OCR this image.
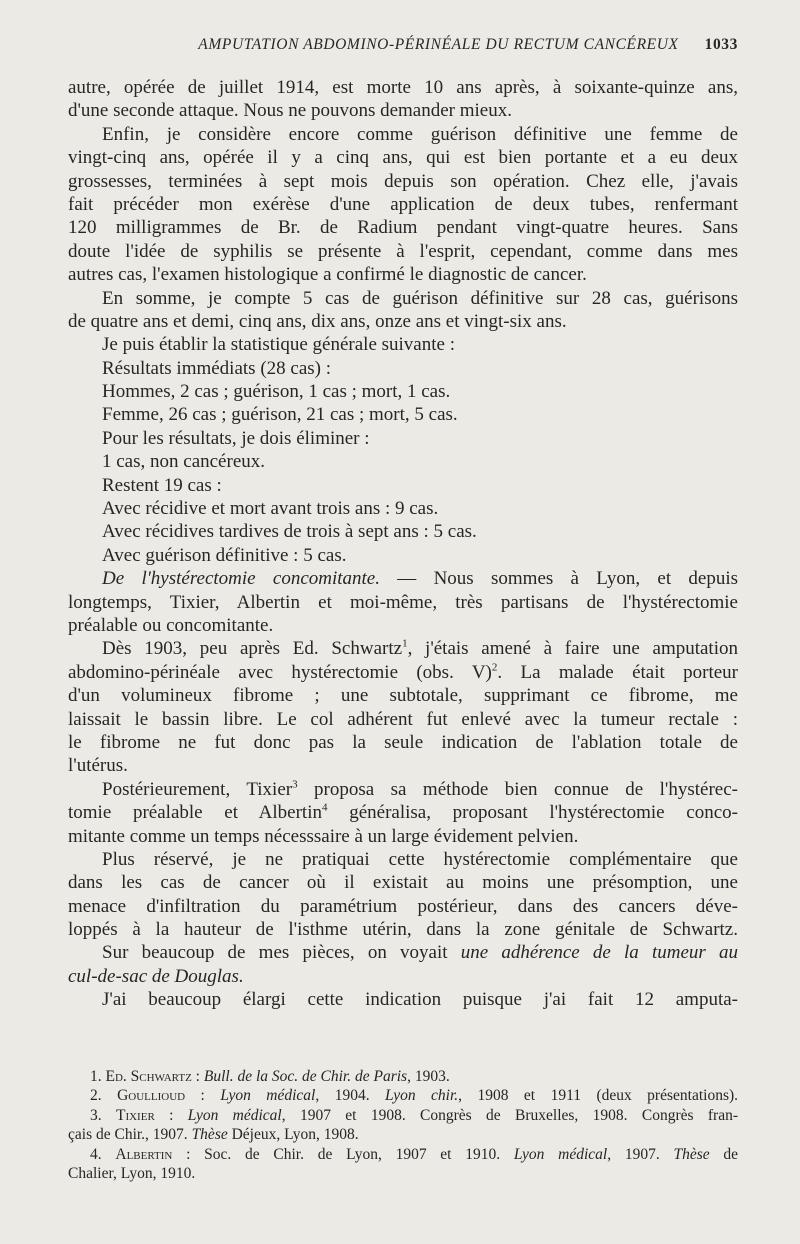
AMPUTATION ABDOMINO-PÉRINÉALE DU RECTUM CANCÉREUX 1033
autre, opérée de juillet 1914, est morte 10 ans après, à soixante-quinze ans,
d'une seconde attaque. Nous ne pouvons demander mieux.
Enfin, je considère encore comme guérison définitive une femme de
vingt-cinq ans, opérée il y a cinq ans, qui est bien portante et a eu deux
grossesses, terminées à sept mois depuis son opération. Chez elle, j'avais
fait précéder mon exérèse d'une application de deux tubes, renfermant
120 milligrammes de Br. de Radium pendant vingt-quatre heures. Sans
doute l'idée de syphilis se présente à l'esprit, cependant, comme dans mes
autres cas, l'examen histologique a confirmé le diagnostic de cancer.
En somme, je compte 5 cas de guérison définitive sur 28 cas, guérisons
de quatre ans et demi, cinq ans, dix ans, onze ans et vingt-six ans.
Je puis établir la statistique générale suivante :
Résultats immédiats (28 cas) :
Hommes, 2 cas ; guérison, 1 cas ; mort, 1 cas.
Femme, 26 cas ; guérison, 21 cas ; mort, 5 cas.
Pour les résultats, je dois éliminer :
1 cas, non cancéreux.
Restent 19 cas :
Avec récidive et mort avant trois ans : 9 cas.
Avec récidives tardives de trois à sept ans : 5 cas.
Avec guérison définitive : 5 cas.
De l'hystérectomie concomitante. — Nous sommes à Lyon, et depuis
longtemps, Tixier, Albertin et moi-même, très partisans de l'hystérectomie
préalable ou concomitante.
Dès 1903, peu après Ed. Schwartz$^1$, j'étais amené à faire une amputation
abdomino-périnéale avec hystérectomie (obs. V)$^2$. La malade était porteur
d'un volumineux fibrome ; une subtotale, supprimant ce fibrome, me
laissait le bassin libre. Le col adhérent fut enlevé avec la tumeur rectale :
le fibrome ne fut donc pas la seule indication de l'ablation totale de
l'utérus.
Postérieurement, Tixier$^3$ proposa sa méthode bien connue de l'hystérec-
tomie préalable et Albertin$^4$ généralisa, proposant l'hystérectomie conco-
mitante comme un temps nécesssaire à un large évidement pelvien.
Plus réservé, je ne pratiquai cette hystérectomie complémentaire que
dans les cas de cancer où il existait au moins une présomption, une
menace d'infiltration du paramétrium postérieur, dans des cancers déve-
loppés à la hauteur de l'isthme utérin, dans la zone génitale de Schwartz.
Sur beaucoup de mes pièces, on voyait une adhérence de la tumeur au
cul-de-sac de Douglas.
J'ai beaucoup élargi cette indication puisque j'ai fait 12 amputa-
1. Ed. Schwartz : Bull. de la Soc. de Chir. de Paris, 1903.
2. Goullioud : Lyon médical, 1904. Lyon chir., 1908 et 1911 (deux présentations).
3. Tixier : Lyon médical, 1907 et 1908. Congrès de Bruxelles, 1908. Congrès fran-
çais de Chir., 1907. Thèse Déjeux, Lyon, 1908.
4. Albertin : Soc. de Chir. de Lyon, 1907 et 1910. Lyon médical, 1907. Thèse de
Chalier, Lyon, 1910.
